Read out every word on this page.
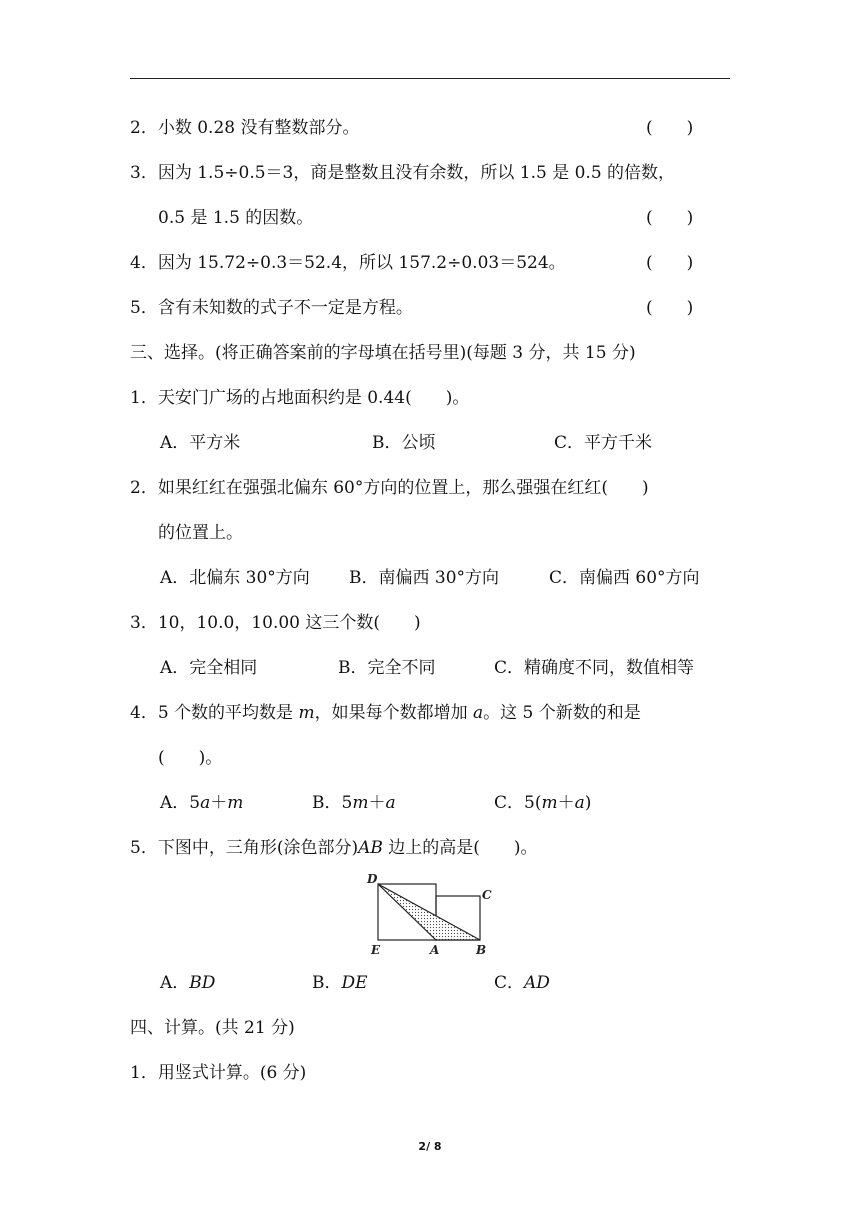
2．小数 0.28 没有整数部分。	(　　)
3．因为 1.5÷0.5＝3，商是整数且没有余数，所以 1.5 是 0.5 的倍数，
0.5 是 1.5 的因数。	(　　)
4．因为 15.72÷0.3＝52.4，所以 157.2÷0.03＝524。	(　　)
5．含有未知数的式子不一定是方程。	(　　)
三、选择。(将正确答案前的字母填在括号里)(每题 3 分，共 15 分)
1．天安门广场的占地面积约是 0.44(　　)。
A．平方米	B．公顷	C．平方千米
2．如果红红在强强北偏东 60°方向的位置上，那么强强在红红(　　)
的位置上。
A．北偏东 30°方向 B．南偏西 30°方向	C．南偏西 60°方向
3．10，10.0，10.00 这三个数(　　)
A．完全相同	B．完全不同	C．精确度不同，数值相等
4．5 个数的平均数是 m，如果每个数都增加 a。这 5 个新数的和是
(　　)。
A．5a＋m	B．5m＋a	C．5(m＋a)
5．下图中，三角形(涂色部分)AB 边上的高是(　　)。
D
C
E	A	B
A．BD	B．DE	C．AD
四、计算。(共 21 分)
1．用竖式计算。(6 分)
2/ 8
